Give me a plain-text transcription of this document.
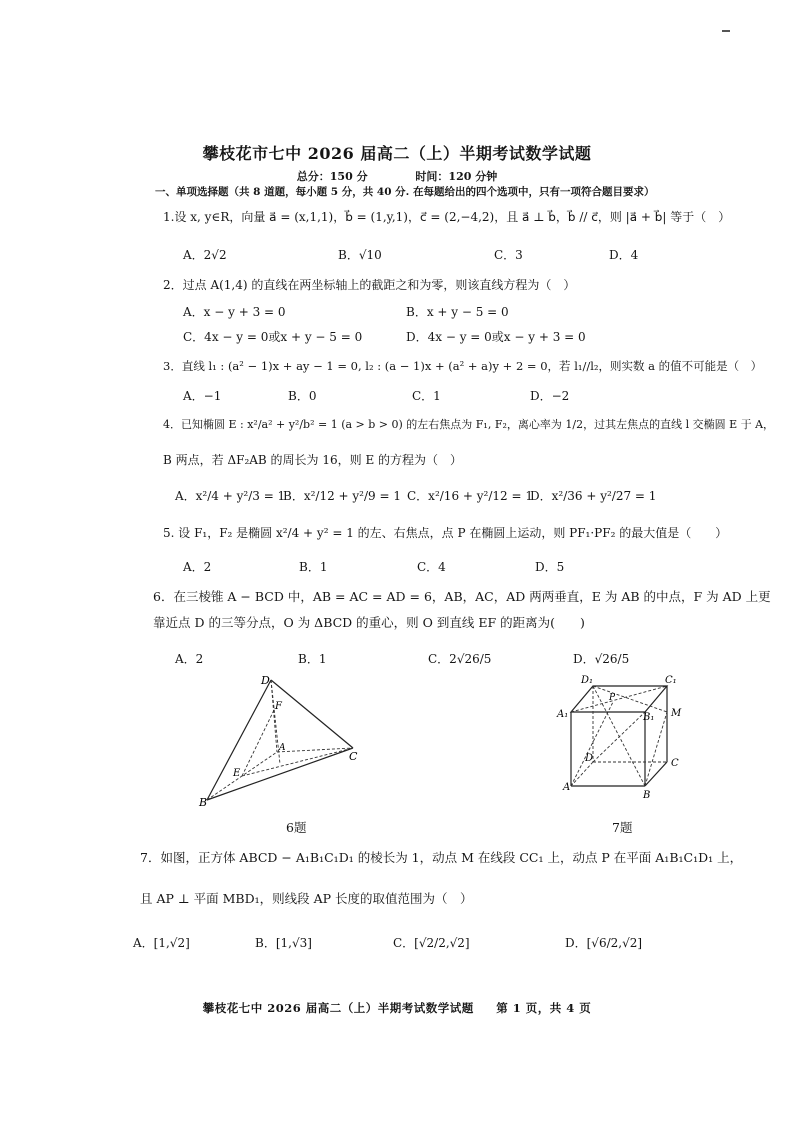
攀枝花市七中 2026 届高二（上）半期考试数学试题
总分：150 分	时间：120 分钟
一、单项选择题（共 8 道题，每小题 5 分，共 40 分. 在每题给出的四个选项中，只有一项符合题目要求）
1.设 x, y∈R，向量 a⃗ = (x,1,1)，b⃗ = (1,y,1)，c⃗ = (2,−4,2)，且 a⃗ ⊥ b⃗，b⃗ // c⃗，则 |a⃗ + b⃗| 等于（　）
A．2√2	B．√10	C．3	D．4
2．过点 A(1,4) 的直线在两坐标轴上的截距之和为零，则该直线方程为（　）
A．x − y + 3 = 0	B．x + y − 5 = 0
C．4x − y = 0或x + y − 5 = 0	D．4x − y = 0或x − y + 3 = 0
3．直线 l₁ : (a² − 1)x + ay − 1 = 0, l₂ : (a − 1)x + (a² + a)y + 2 = 0，若 l₁//l₂，则实数 a 的值不可能是（　）
A．−1	B．0	C．1	D．−2
4．已知椭圆 E : x²/a² + y²/b² = 1 (a > b > 0) 的左右焦点为 F₁, F₂，离心率为 1/2，过其左焦点的直线 l 交椭圆 E 于 A，
B 两点，若 ΔF₂AB 的周长为 16，则 E 的方程为（　）
A．x²/4 + y²/3 = 1
B．x²/12 + y²/9 = 1 C．x²/16 + y²/12 = 1
D．x²/36 + y²/27 = 1
5. 设 F₁，F₂ 是椭圆 x²/4 + y² = 1 的左、右焦点，点 P 在椭圆上运动，则 PF₁·PF₂ 的最大值是（　　）
A．2	B．1	C．4	D．5
6．在三棱锥 A − BCD 中，AB = AC = AD = 6，AB，AC，AD 两两垂直，E 为 AB 的中点，F 为 AD 上更
靠近点 D 的三等分点，O 为 ΔBCD 的重心，则 O 到直线 EF 的距离为(　　)
A．2	B．1	C．2√26/5	D．√26/5
D
F
A
E
B
C
6题
D₁	C₁
A₁	B₁ M
P
D	C
A
B
7题
7．如图，正方体 ABCD − A₁B₁C₁D₁ 的棱长为 1，动点 M 在线段 CC₁ 上，动点 P 在平面 A₁B₁C₁D₁ 上，
且 AP ⊥ 平面 MBD₁，则线段 AP 长度的取值范围为（　）
A．[1,√2]	B．[1,√3]	C．[√2/2,√2]	D．[√6/2,√2]
攀枝花七中 2026 届高二（上）半期考试数学试题 第 1 页，共 4 页
